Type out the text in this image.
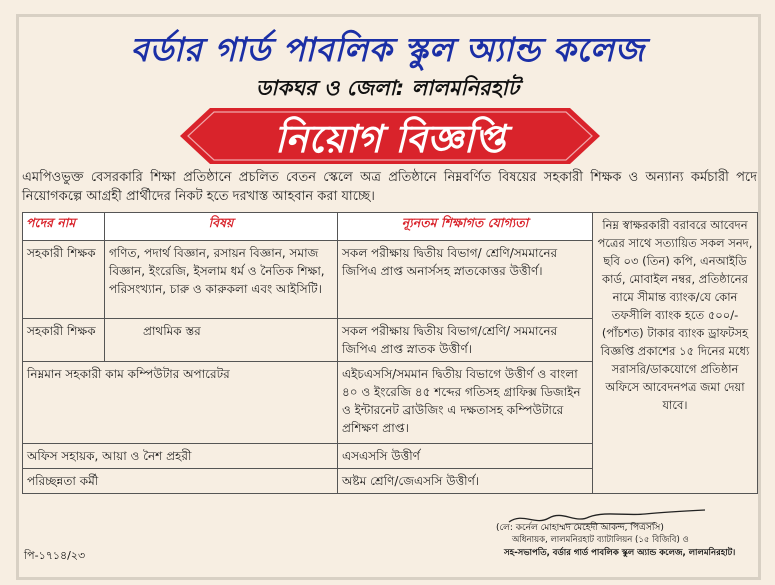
বর্ডার গার্ড পাবলিক স্কুল অ্যান্ড কলেজ
ডাকঘর ও জেলা: লালমনিরহাট
নিয়োগ বিজ্ঞপ্তি
এমপিওভুক্ত বেসরকারি শিক্ষা প্রতিষ্ঠানে প্রচলিত বেতন স্কেলে অত্র প্রতিষ্ঠানে নিম্নবর্ণিত বিষয়ের সহকারী শিক্ষক ও অন্যান্য কর্মচারী পদে নিয়োগকল্পে আগ্রহী প্রার্থীদের নিকট হতে দরখাস্ত আহবান করা যাচ্ছে।
পদের নাম	বিষয়	ন্যূনতম শিক্ষাগত যোগ্যতা	নিম্ন স্বাক্ষরকারী বরাবরে আবেদন পত্রের সাথে সত্যায়িত সকল সনদ, ছবি ০৩ (তিন) কপি, এনআইডি কার্ড, মোবাইল নম্বর, প্রতিষ্ঠানের নামে সীমান্ত ব্যাংক/যে কোন তফসীলি ব্যাংক হতে ৫০০/- (পাঁচশত) টাকার ব্যাংক ড্রাফটসহ বিজ্ঞপ্তি প্রকাশের ১৫ দিনের মধ্যে সরাসরি/ডাকযোগে প্রতিষ্ঠান অফিসে আবেদনপত্র জমা দেয়া যাবে।
সহকারী শিক্ষক	গণিত, পদার্থ বিজ্ঞান, রসায়ন বিজ্ঞান, সমাজ বিজ্ঞান, ইংরেজি, ইসলাম ধর্ম ও নৈতিক শিক্ষা, পরিসংখ্যান, চারু ও কারুকলা এবং আইসিটি।	সকল পরীক্ষায় দ্বিতীয় বিভাগ/ শ্রেণি/সমমানের জিপিএ প্রাপ্ত অনার্সসহ স্নাতকোত্তর উত্তীর্ণ।	
সহকারী শিক্ষক	প্রাথমিক স্তর	সকল পরীক্ষায় দ্বিতীয় বিভাগ/শ্রেণি/ সমমানের জিপিএ প্রাপ্ত স্নাতক উত্তীর্ণ।	
নিম্নমান সহকারী কাম কম্পিউটার অপারেটর		এইচএসসি/সমমান দ্বিতীয় বিভাগে উত্তীর্ণ ও বাংলা ৪০ ও ইংরেজি ৪৫ শব্দের গতিসহ গ্রাফিক্স ডিজাইন ও ইন্টারনেট ব্রাউজিং এ দক্ষতাসহ কম্পিউটারে প্রশিক্ষণ প্রাপ্ত।	
অফিস সহায়ক, আয়া ও নৈশ প্রহরী		এসএসসি উত্তীর্ণ	
পরিচ্ছন্নতা কর্মী		অষ্টম শ্রেণি/জেএসসি উত্তীর্ণ।	
(লে: কর্নেল মোহাম্মদ মেহেদী আকন্দ, পিএসসি)
অধিনায়ক, লালমনিরহাট ব্যাটালিয়ন (১৫ বিজিবি) ও
সহ-সভাপতি, বর্ডার গার্ড পাবলিক স্কুল অ্যান্ড কলেজ, লালমনিরহাট।
পি-১৭১৪/২৩
